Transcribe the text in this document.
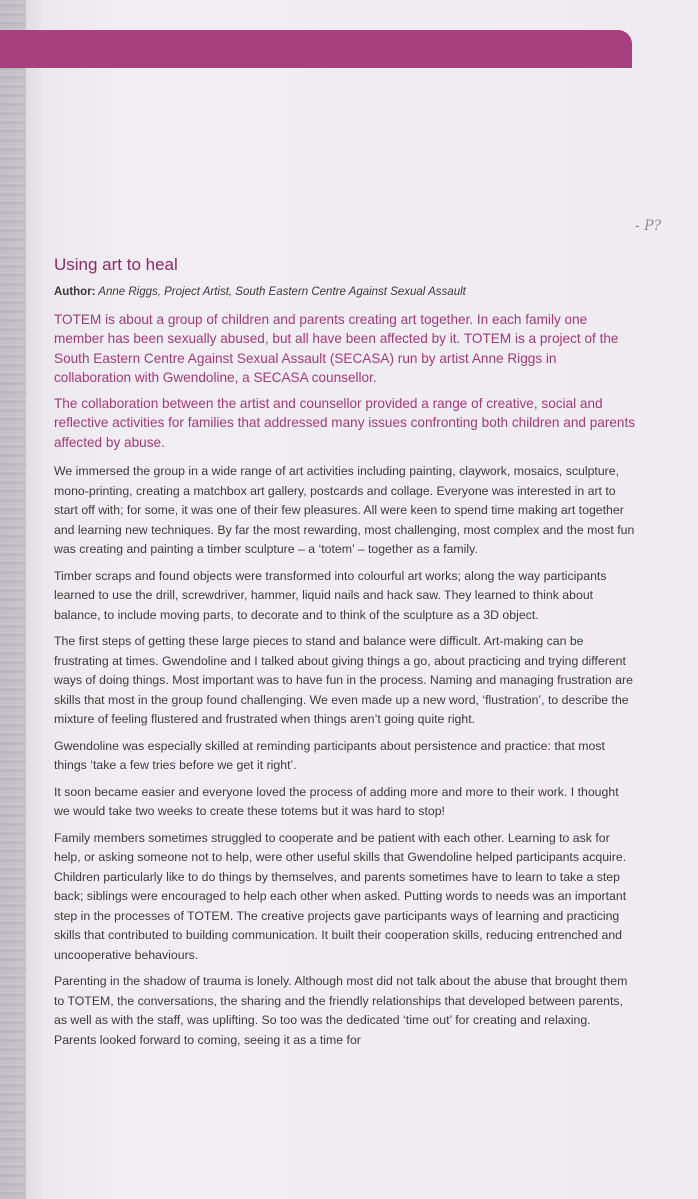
- P?
Using art to heal

Author: Anne Riggs, Project Artist, South Eastern Centre Against Sexual Assault

TOTEM is about a group of children and parents creating art together. In each family one member has been sexually abused, but all have been affected by it. TOTEM is a project of the South Eastern Centre Against Sexual Assault (SECASA) run by artist Anne Riggs in collaboration with Gwendoline, a SECASA counsellor.

The collaboration between the artist and counsellor provided a range of creative, social and reflective activities for families that addressed many issues confronting both children and parents affected by abuse.

We immersed the group in a wide range of art activities including painting, claywork, mosaics, sculpture, mono-printing, creating a matchbox art gallery, postcards and collage. Everyone was interested in art to start off with; for some, it was one of their few pleasures. All were keen to spend time making art together and learning new techniques. By far the most rewarding, most challenging, most complex and the most fun was creating and painting a timber sculpture – a ‘totem’ – together as a family.

Timber scraps and found objects were transformed into colourful art works; along the way participants learned to use the drill, screwdriver, hammer, liquid nails and hack saw. They learned to think about balance, to include moving parts, to decorate and to think of the sculpture as a 3D object.

The first steps of getting these large pieces to stand and balance were difficult. Art-making can be frustrating at times. Gwendoline and I talked about giving things a go, about practicing and trying different ways of doing things. Most important was to have fun in the process. Naming and managing frustration are skills that most in the group found challenging. We even made up a new word, ‘flustration’, to describe the mixture of feeling flustered and frustrated when things aren’t going quite right.

Gwendoline was especially skilled at reminding participants about persistence and practice: that most things ‘take a few tries before we get it right’.

It soon became easier and everyone loved the process of adding more and more to their work. I thought we would take two weeks to create these totems but it was hard to stop!

Family members sometimes struggled to cooperate and be patient with each other. Learning to ask for help, or asking someone not to help, were other useful skills that Gwendoline helped participants acquire. Children particularly like to do things by themselves, and parents sometimes have to learn to take a step back; siblings were encouraged to help each other when asked. Putting words to needs was an important step in the processes of TOTEM. The creative projects gave participants ways of learning and practicing skills that contributed to building communication. It built their cooperation skills, reducing entrenched and uncooperative behaviours.

Parenting in the shadow of trauma is lonely. Although most did not talk about the abuse that brought them to TOTEM, the conversations, the sharing and the friendly relationships that developed between parents, as well as with the staff, was uplifting. So too was the dedicated ‘time out’ for creating and relaxing. Parents looked forward to coming, seeing it as a time for
